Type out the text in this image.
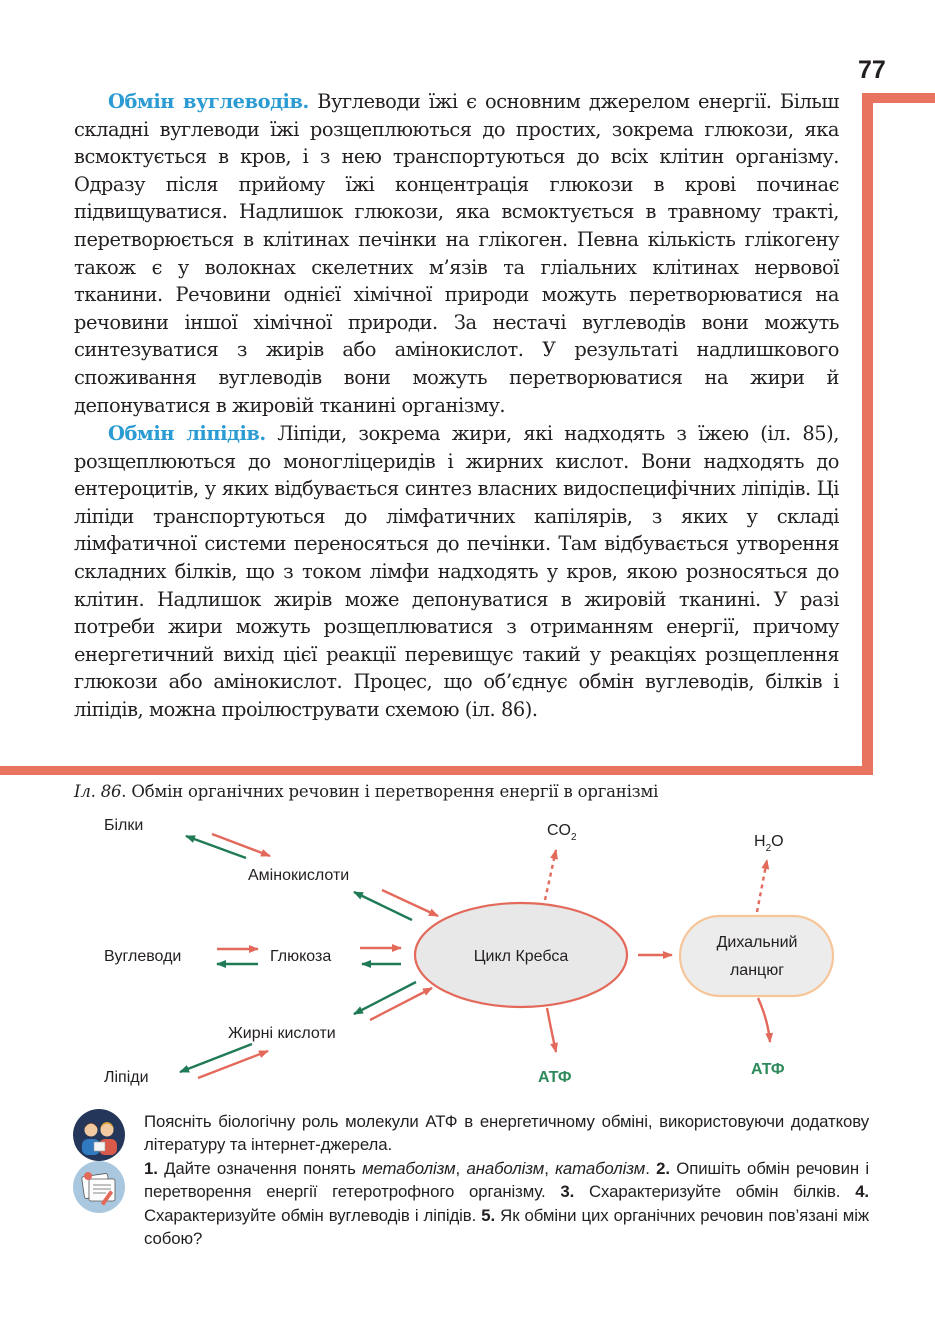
77

Обмін вуглеводів. Вуглеводи їжі є основним джерелом енергії. Більш складні вуглеводи їжі розщеплюються до простих, зокрема глюкози, яка всмоктується в кров, і з нею транспортуються до всіх клітин організму. Одразу після прийому їжі концентрація глюкози в крові починає підвищуватися. Надлишок глюкози, яка всмоктується в травному тракті, перетворюється в клітинах печінки на глікоген. Певна кількість глікогену також є у волокнах скелетних м’язів та гліальних клітинах нервової тканини. Речовини однієї хімічної природи можуть перетворюватися на речовини іншої хімічної природи. За нестачі вуглеводів вони можуть синтезуватися з жирів або амінокислот. У результаті надлишкового споживання вуглеводів вони можуть перетворюватися на жири й депонуватися в жировій тканині організму.

Обмін ліпідів. Ліпіди, зокрема жири, які надходять з їжею (іл. 85), розщеплюються до моногліцеридів і жирних кислот. Вони надходять до ентероцитів, у яких відбувається синтез власних видоспецифічних ліпідів. Ці ліпіди транспортуються до лімфатичних капілярів, з яких у складі лімфатичної системи переносяться до печінки. Там відбувається утворення складних білків, що з током лімфи надходять у кров, якою розносяться до клітин. Надлишок жирів може депонуватися в жировій тканині. У разі потреби жири можуть розщеплюватися з отриманням енергії, причому енергетичний вихід цієї реакції перевищує такий у реакціях розщеплення глюкози або амінокислот. Процес, що об’єднує обмін вуглеводів, білків і ліпідів, можна проілюструвати схемою (іл. 86).

Іл. 86. Обмін органічних речовин і перетворення енергії в організмі
Білки
Амінокислоти
Вуглеводи	Глюкоза
Жирні кислоти
Ліпіди
Цикл Кребса
Дихальний
ланцюг
$CO_2$	$H_2O$
АТФ	АТФ

Поясніть біологічну роль молекули АТФ в енергетичному обміні, використовуючи додаткову літературу та інтернет-джерела.

1. Дайте означення понять метаболізм, анаболізм, катаболізм. 2. Опишіть обмін речовин і перетворення енергії гетеротрофного організму. 3. Схарактеризуйте обмін білків. 4. Схарактеризуйте обмін вуглеводів і ліпідів. 5. Як обміни цих органічних речовин пов’язані між собою?
